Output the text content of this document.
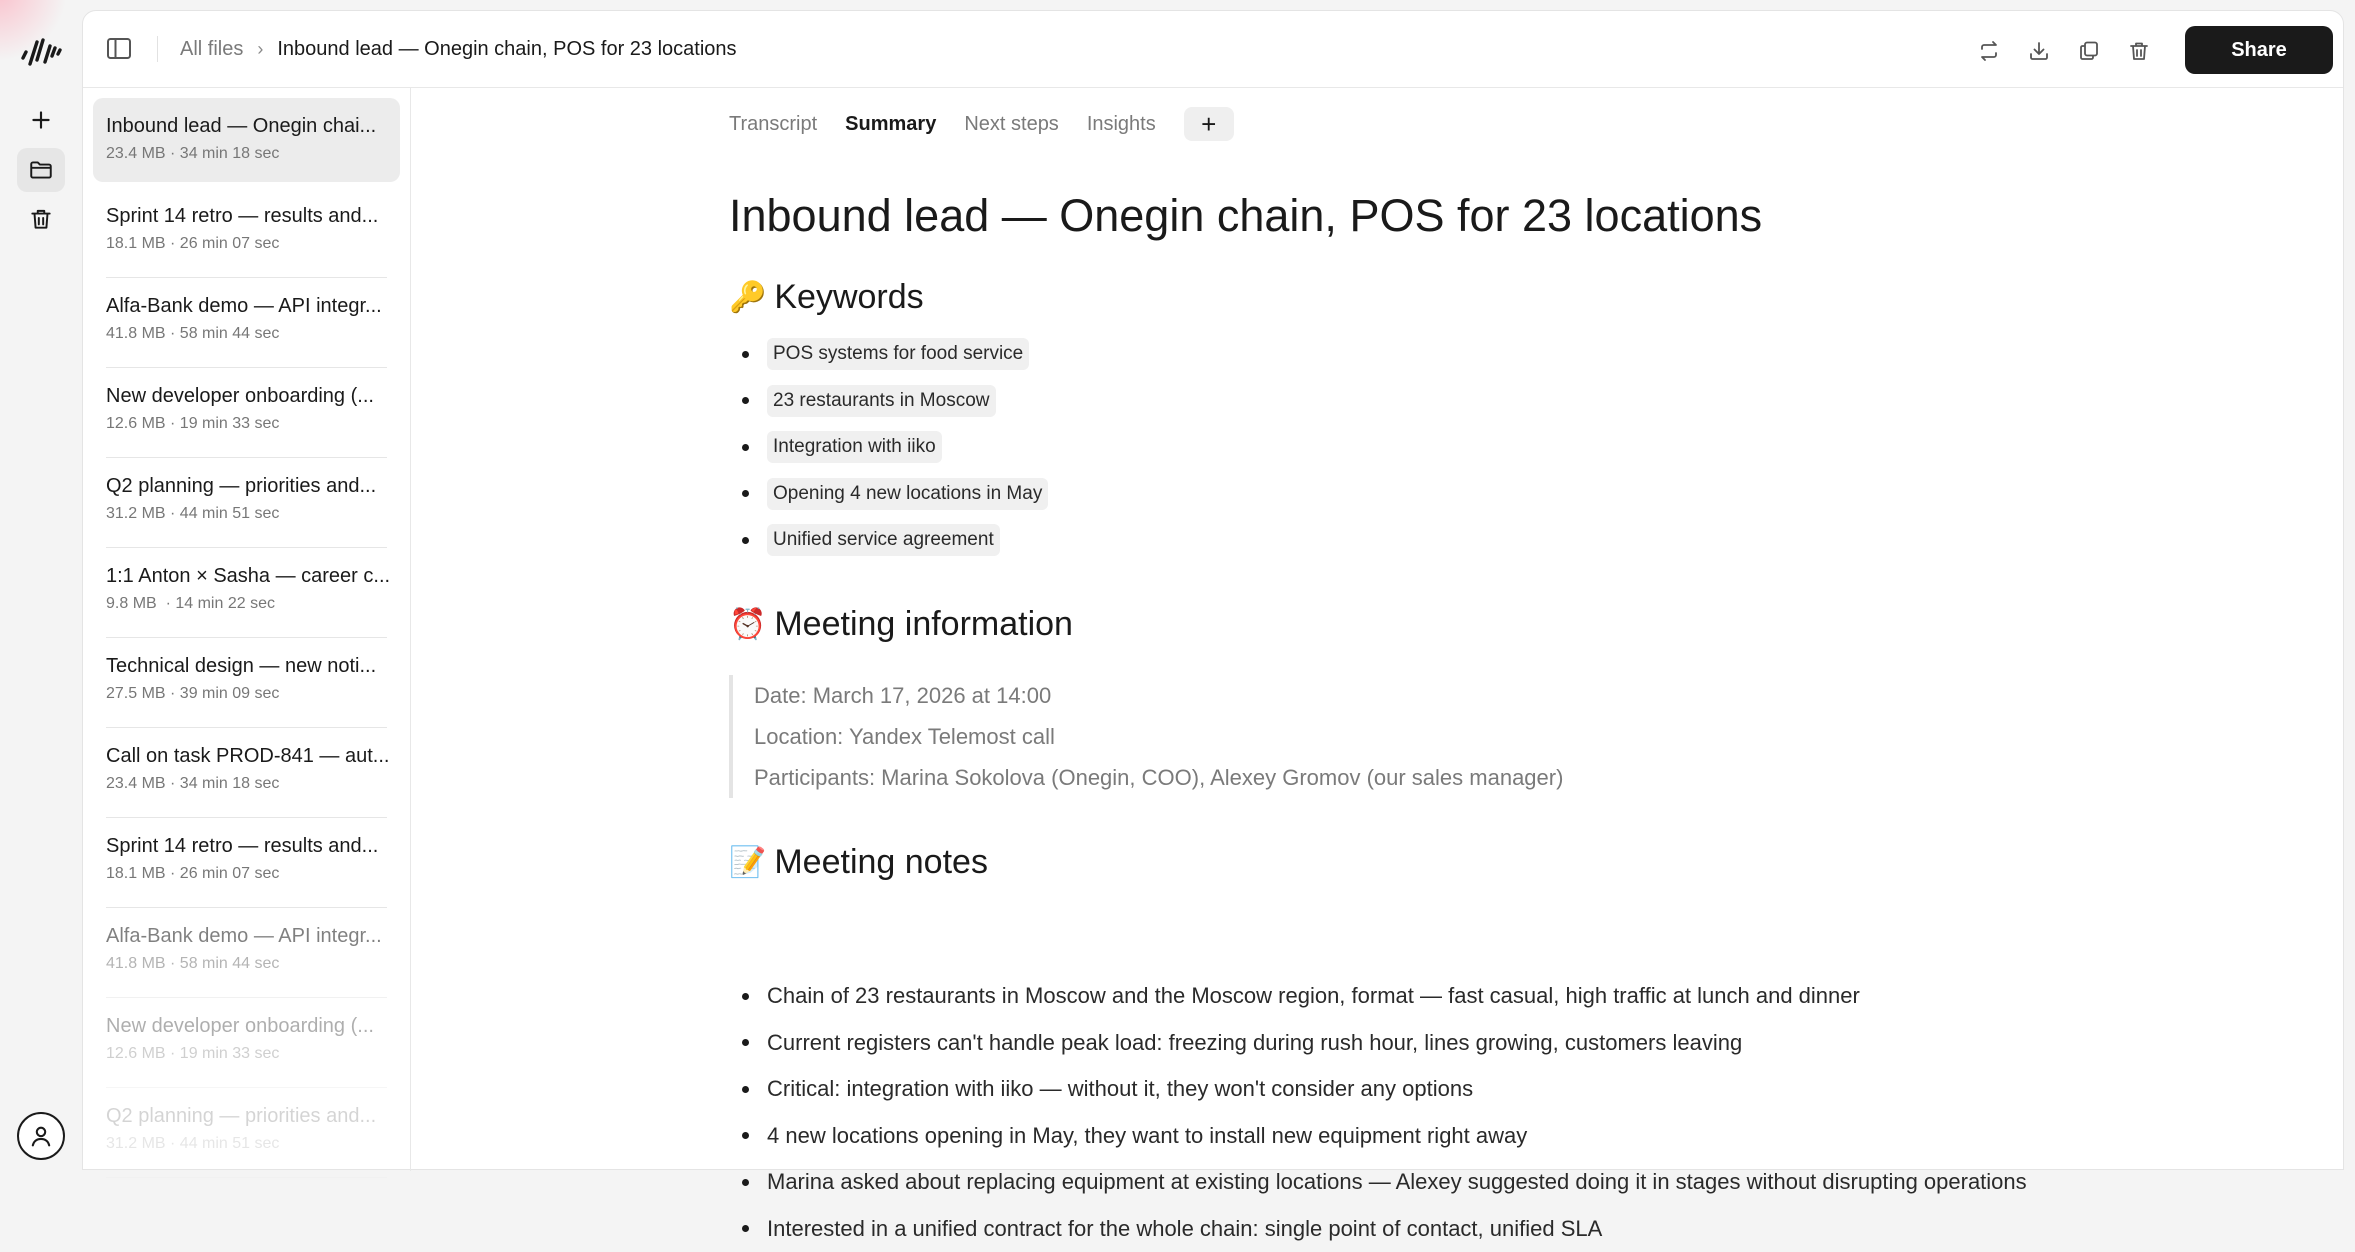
All files › Inbound lead — Onegin chain, POS for 23 locations	Share
Inbound lead — Onegin chai...
23.4 MB · 34 min 18 sec
Sprint 14 retro — results and...
18.1 MB · 26 min 07 sec
Alfa-Bank demo — API integr...
41.8 MB · 58 min 44 sec
New developer onboarding (...
12.6 MB · 19 min 33 sec
Q2 planning — priorities and...
31.2 MB · 44 min 51 sec
1:1 Anton × Sasha — career c...
9.8 MB  · 14 min 22 sec
Technical design — new noti...
27.5 MB · 39 min 09 sec
Call on task PROD-841 — aut...
23.4 MB · 34 min 18 sec
Sprint 14 retro — results and...
18.1 MB · 26 min 07 sec
Alfa-Bank demo — API integr...
41.8 MB · 58 min 44 sec
New developer onboarding (...
12.6 MB · 19 min 33 sec
Q2 planning — priorities and...
31.2 MB · 44 min 51 sec
Transcript Summary Next steps Insights	+
Inbound lead — Onegin chain, POS for 23 locations
🔑 Keywords
POS systems for food service
23 restaurants in Moscow
Integration with iiko
Opening 4 new locations in May
Unified service agreement
⏰ Meeting information

Date: March 17, 2026 at 14:00

Location: Yandex Telemost call

Participants: Marina Sokolova (Onegin, COO), Alexey Gromov (our sales manager)

📝 Meeting notes
Chain of 23 restaurants in Moscow and the Moscow region, format — fast casual, high traffic at lunch and dinner
Current registers can't handle peak load: freezing during rush hour, lines growing, customers leaving
Critical: integration with iiko — without it, they won't consider any options
4 new locations opening in May, they want to install new equipment right away
Marina asked about replacing equipment at existing locations — Alexey suggested doing it in stages without disrupting operations
Interested in a unified contract for the whole chain: single point of contact, unified SLA
